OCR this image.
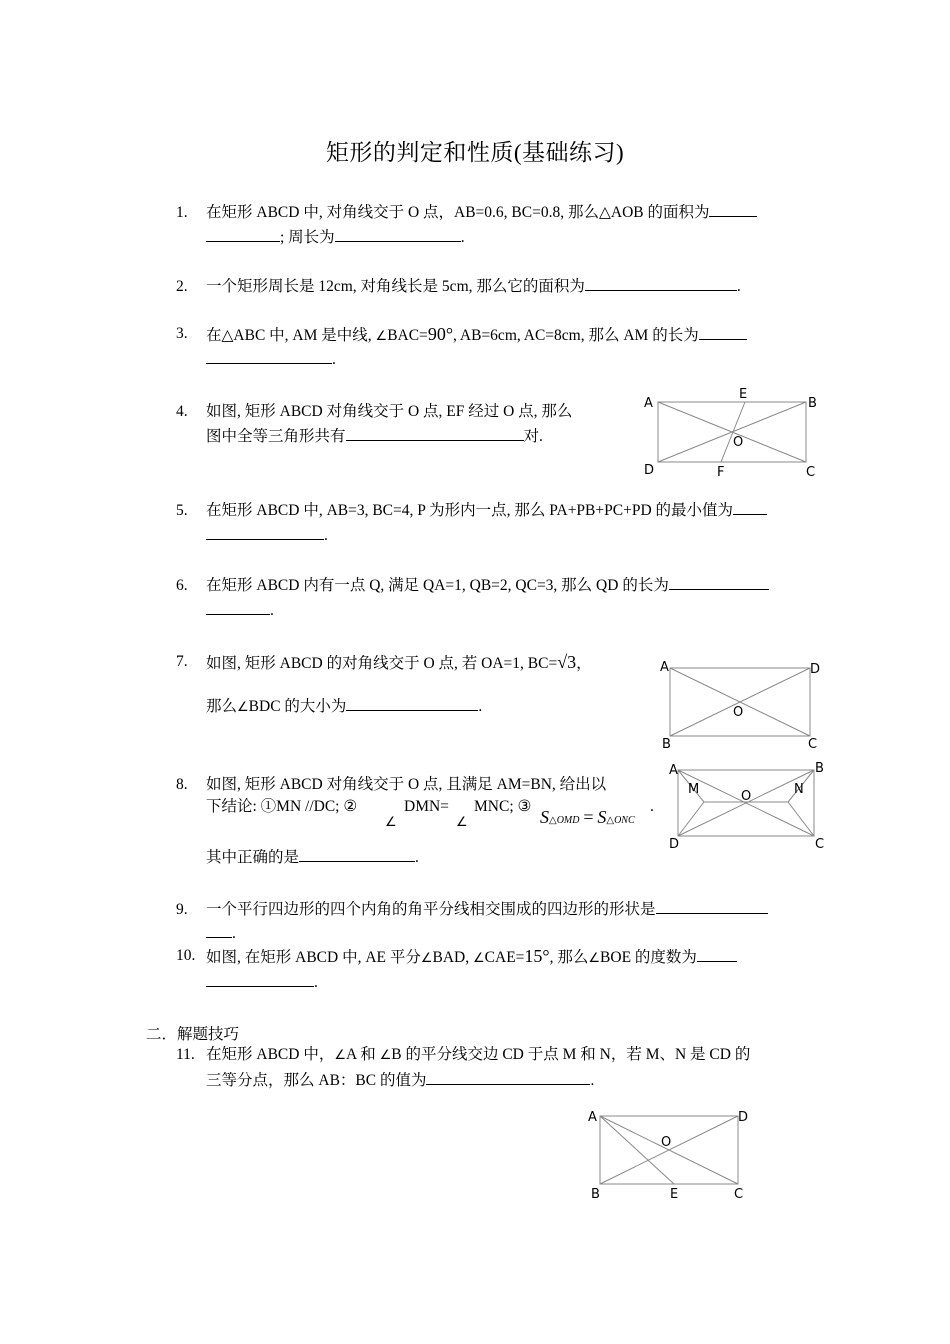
矩形的判定和性质(基础练习)
1. 在矩形 ABCD 中, 对角线交于 O 点，AB=0.6, BC=0.8, 那么△AOB 的面积为
; 周长为	.
2. 一个矩形周长是 12cm, 对角线长是 5cm, 那么它的面积为	.
3. 在△ABC 中, AM 是中线, ∠BAC=90°, AB=6cm, AC=8cm, 那么 AM 的长为
.
4. 如图, 矩形 ABCD 对角线交于 O 点, EF 经过 O 点, 那么
图中全等三角形共有	对.
A
E
B
O
D	F	C
5. 在矩形 ABCD 中, AB=3, BC=4, P 为形内一点, 那么 PA+PB+PC+PD 的最小值为
.
6. 在矩形 ABCD 内有一点 Q, 满足 QA=1, QB=2, QC=3, 那么 QD 的长为
.
7. 如图, 矩形 ABCD 的对角线交于 O 点, 若 OA=1, BC=√3，
那么∠BDC 的大小为	.
A	D
O
B	C
8. 如图, 矩形 ABCD 对角线交于 O 点, 且满足 AM=BN, 给出以
下结论: ①MN //DC; ②
∠
DMN=
∠
MNC; ③
S△OMD = S△ONC
.
其中正确的是	.
A	B
M	O	N
D	C
9. 一个平行四边形的四个内角的角平分线相交围成的四边形的形状是
.
10. 如图, 在矩形 ABCD 中, AE 平分∠BAD, ∠CAE=15°, 那么∠BOE 的度数为
.
二．解题技巧
11. 在矩形 ABCD 中，∠A 和 ∠B 的平分线交边 CD 于点 M 和 N，若 M、N 是 CD 的
三等分点，那么 AB：BC 的值为	.
A	D
O
B	E	C
